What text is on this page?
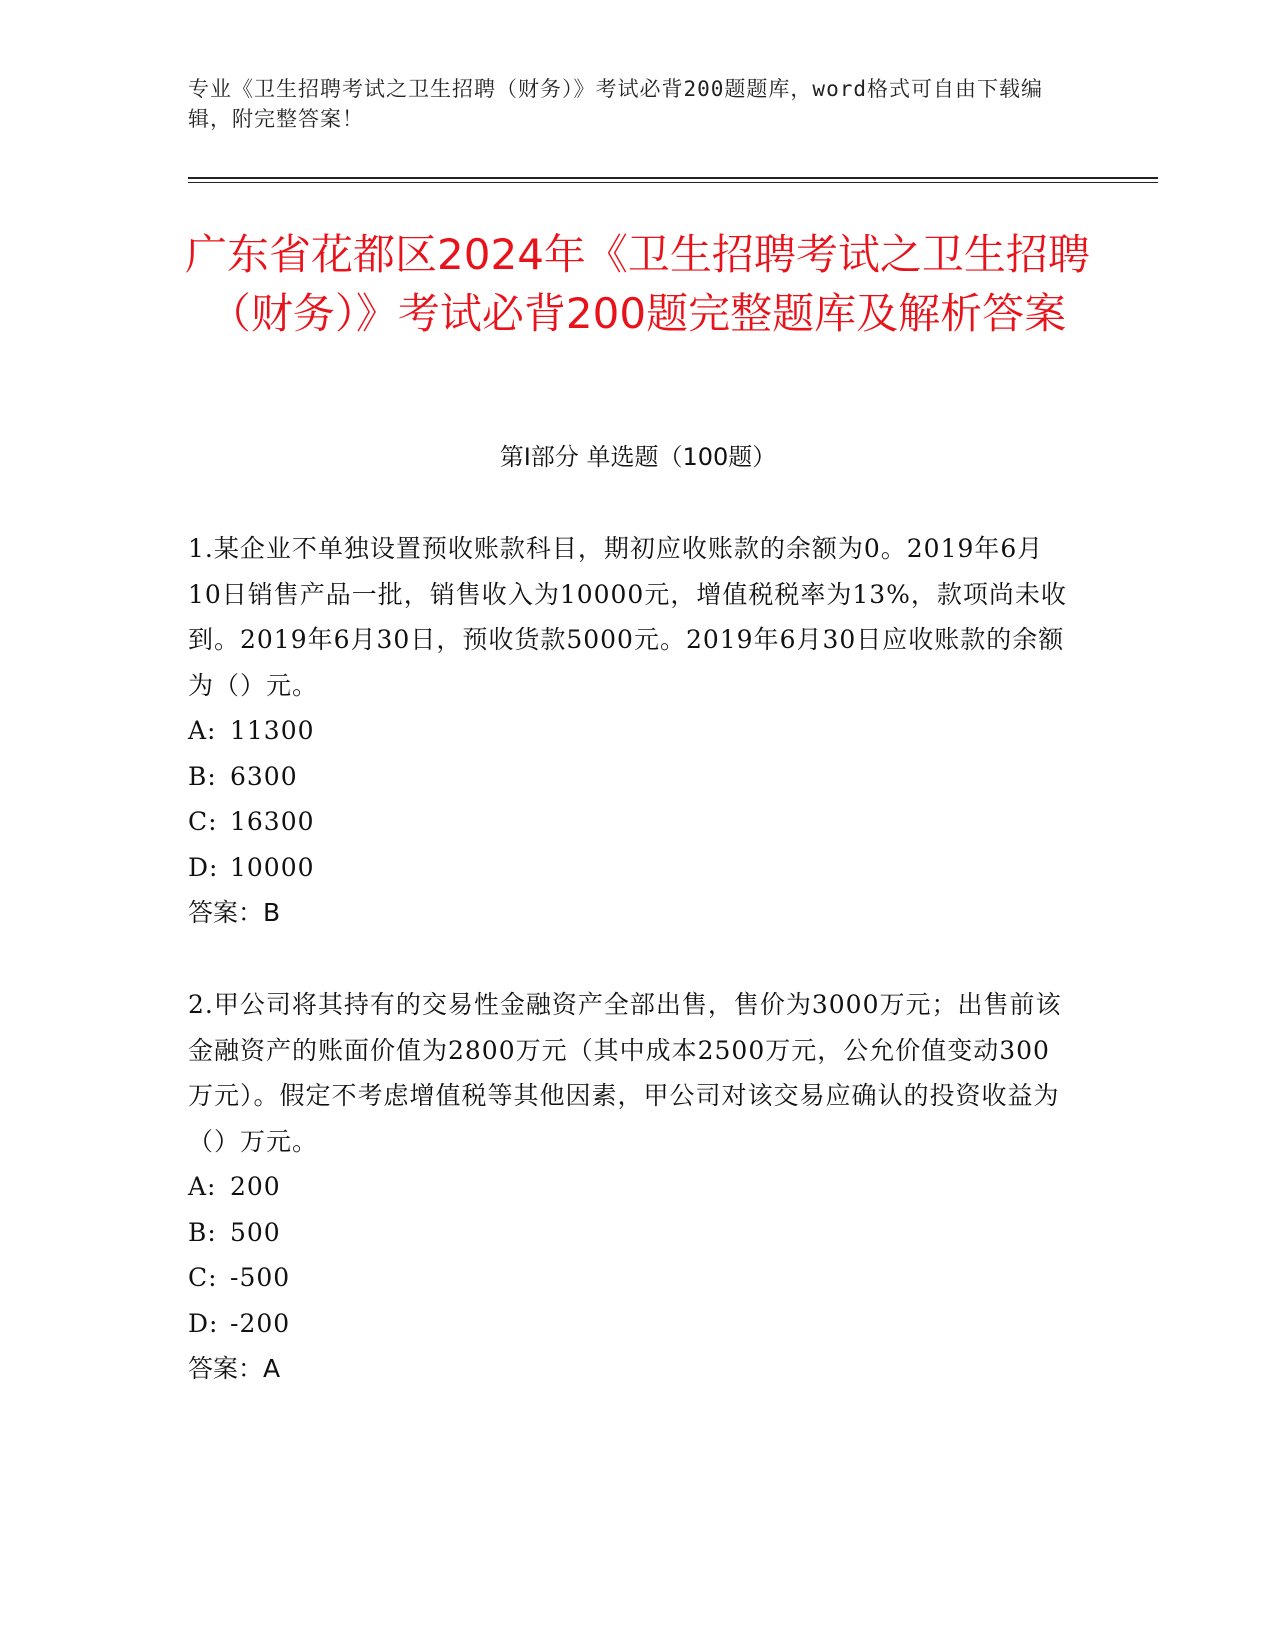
专业《卫生招聘考试之卫生招聘（财务）》考试必背200题题库，word格式可自由下载编辑，附完整答案！
广东省花都区2024年《卫生招聘考试之卫生招聘（财务）》考试必背200题完整题库及解析答案
第I部分 单选题（100题）

1.某企业不单独设置预收账款科目，期初应收账款的余额为0。2019年6月10日销售产品一批，销售收入为10000元，增值税税率为13%，款项尚未收到。2019年6月30日，预收货款5000元。2019年6月30日应收账款的余额为（）元。

A: 11300

B: 6300

C: 16300

D: 10000

答案：B

2.甲公司将其持有的交易性金融资产全部出售，售价为3000万元；出售前该金融资产的账面价值为2800万元（其中成本2500万元，公允价值变动300万元）。假定不考虑增值税等其他因素，甲公司对该交易应确认的投资收益为（）万元。

A: 200

B: 500

C: -500

D: -200

答案：A
